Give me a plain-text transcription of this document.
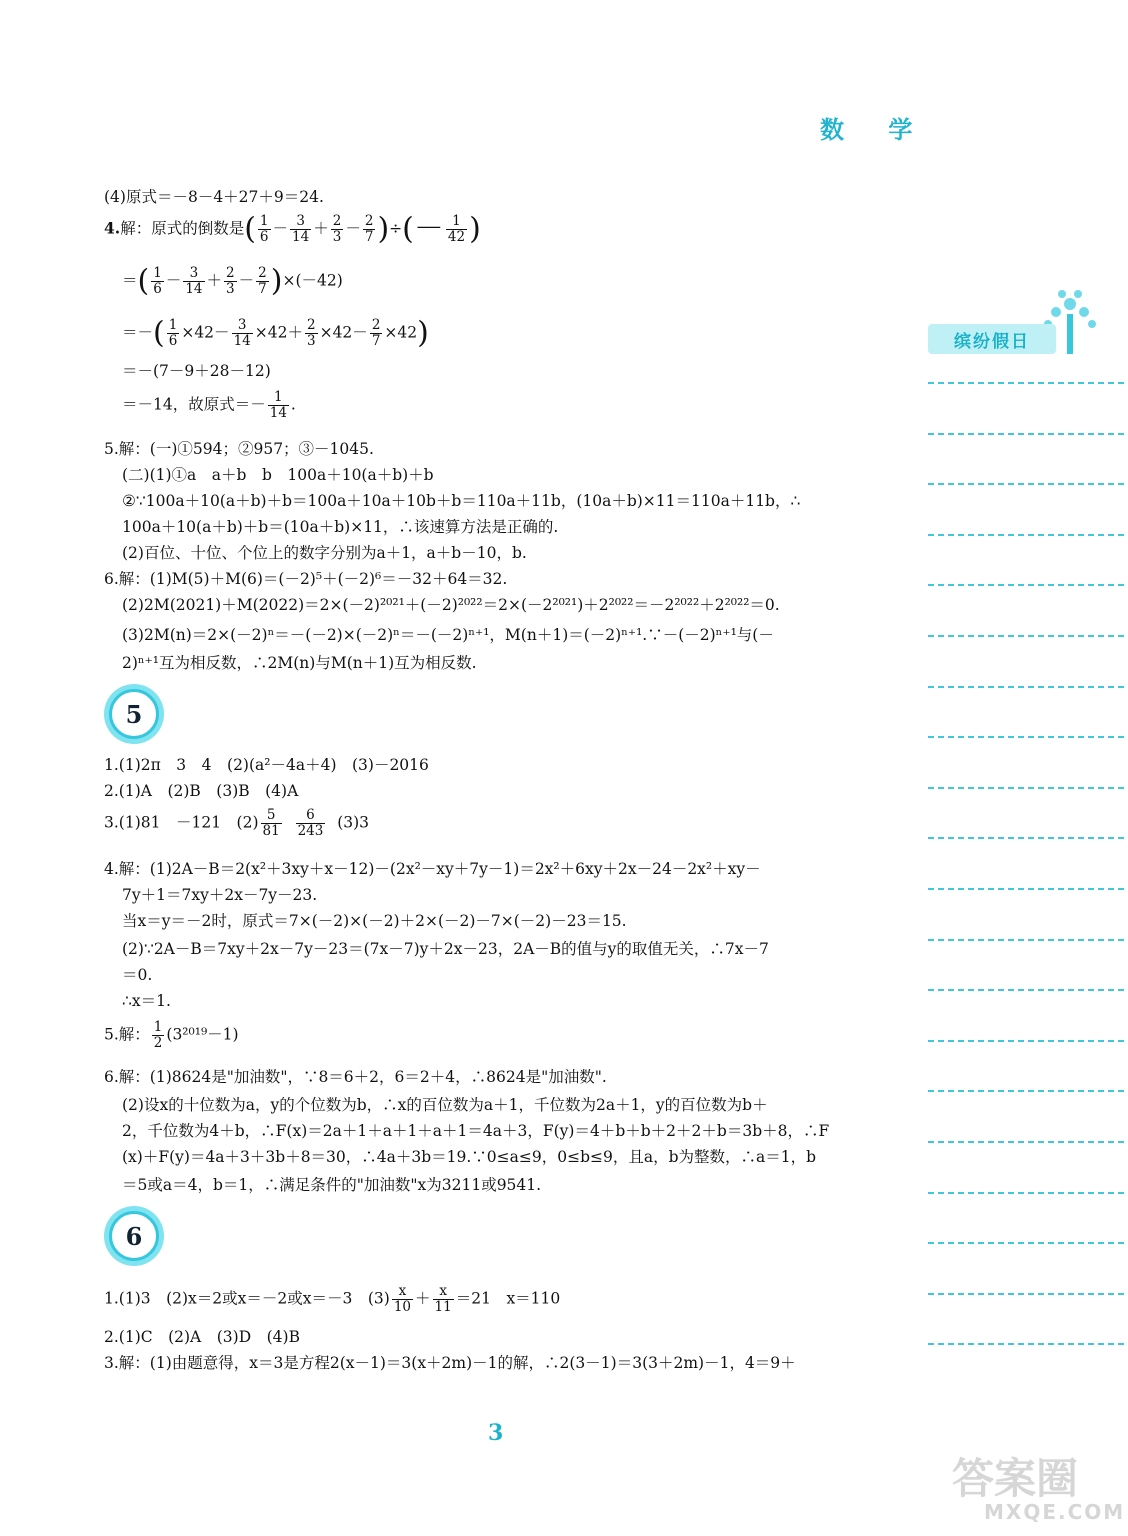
数 学
缤纷假日
(4)原式＝－8－4＋27＋9＝24.
4.解：原式的倒数是( $\frac{1}{6} - \frac{3}{14} + \frac{2}{3} - \frac{2}{7}$ )÷(－ $\frac{1}{42}$ )
＝( $\frac{1}{6} - \frac{3}{14} + \frac{2}{3} - \frac{2}{7} )\times(-42)$
＝－( $\frac{1}{6} \times 42- \frac{3}{14} \times 42+ \frac{2}{3} \times 42- \frac{2}{7} \times 42$)
＝－(7－9＋28－12)
＝－14，故原式＝－ $\frac{1}{14}$ .
5.解：(一)①594；②957；③－1045.
(二)(1)①a　a＋b　b　100a＋10(a＋b)＋b
②∵100a＋10(a＋b)＋b＝100a＋10a＋10b＋b＝110a＋11b，(10a＋b)×11＝110a＋11b，∴
100a＋10(a＋b)＋b＝(10a＋b)×11，∴该速算方法是正确的.
(2)百位、十位、个位上的数字分别为a＋1，a＋b－10，b.
6.解：(1)M(5)＋M(6)＝(－2)⁵＋(－2)⁶＝－32＋64＝32.
(2)2M(2021)＋M(2022)＝2×(－2)²⁰²¹＋(－2)²⁰²²＝2×(－2²⁰²¹)＋2²⁰²²＝－2²⁰²²＋2²⁰²²＝0.
(3)2M(n)＝2×(－2)ⁿ＝－(－2)×(－2)ⁿ＝－(－2)ⁿ⁺¹，M(n＋1)＝(－2)ⁿ⁺¹.∵－(－2)ⁿ⁺¹与(－
2)ⁿ⁺¹互为相反数，∴2M(n)与M(n＋1)互为相反数.
5
1.(1)2π　3　4　(2)(a²－4a＋4)　(3)－2016
2.(1)A　(2)B　(3)B　(4)A
3.(1)81　－121　$(2) \frac{5}{81}$
$\frac{6}{243} (3)3$
4.解：(1)2A－B＝2(x²＋3xy＋x－12)－(2x²－xy＋7y－1)＝2x²＋6xy＋2x－24－2x²＋xy－
7y＋1＝7xy＋2x－7y－23.
当x＝y＝－2时，原式＝7×(－2)×(－2)＋2×(－2)－7×(－2)－23＝15.
(2)∵2A－B＝7xy＋2x－7y－23＝(7x－7)y＋2x－23，2A－B的值与y的取值无关，∴7x－7
＝0.
∴x＝1.
5.解： $\frac{1}{2} (3^{2019}-1)$
6.解：(1)8624是"加油数"，∵8＝6＋2，6＝2＋4，∴8624是"加油数".
(2)设x的十位数为a，y的个位数为b，∴x的百位数为a＋1，千位数为2a＋1，y的百位数为b＋
2，千位数为4＋b，∴F(x)＝2a＋1＋a＋1＋a＋1＝4a＋3，F(y)＝4＋b＋b＋2＋2＋b＝3b＋8，∴F
(x)＋F(y)＝4a＋3＋3b＋8＝30，∴4a＋3b＝19.∵0≤a≤9，0≤b≤9，且a，b为整数，∴a＝1，b
＝5或a＝4，b＝1，∴满足条件的"加油数"x为3211或9541.
6
1.(1)3　(2)x＝2或x＝－2或x＝－3　$(3) \frac{x}{10} + \frac{x}{11} =21$　x＝110
2.(1)C　(2)A　(3)D　(4)B
3.解：(1)由题意得，x＝3是方程2(x－1)＝3(x＋2m)－1的解，∴2(3－1)＝3(3＋2m)－1，4＝9＋
3
答案圈
MXQE.COM
